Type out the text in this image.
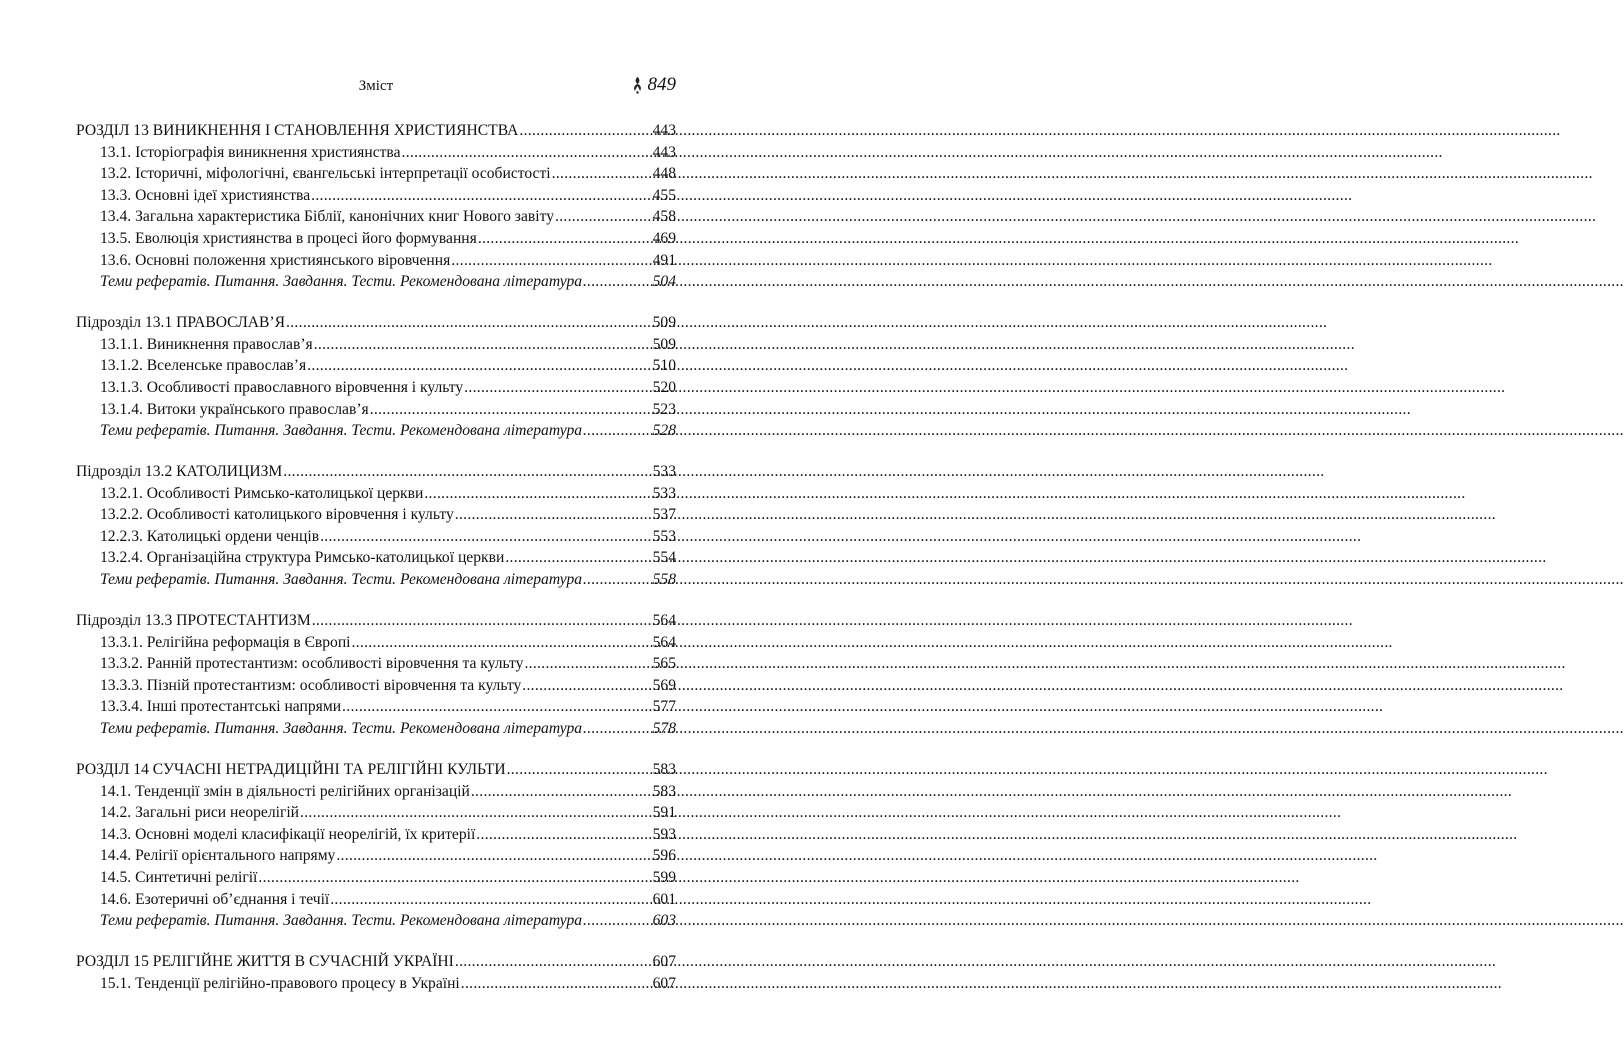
Зміст	849
РОЗДІЛ 13 ВИНИКНЕННЯ І СТАНОВЛЕННЯ ХРИСТИЯНСТВА .....	443
13.1. Історіографія виникнення християнства .....	443
13.2. Історичні, міфологічні, євангельські інтерпретації особистості .....	448
13.3. Основні ідеї християнства .....	455
13.4. Загальна характеристика Біблії, канонічних книг Нового завіту .....	458
13.5. Еволюція християнства в процесі його формування .....	469
13.6. Основні положення християнського віровчення .....	491
Теми рефератів. Питання. Завдання. Тести. Рекомендована література .....	504
Підрозділ 13.1 ПРАВОСЛАВ’Я .....	509
13.1.1. Виникнення православ’я .....	509
13.1.2. Вселенське православ’я .....	510
13.1.3. Особливості православного віровчення і культу .....	520
13.1.4. Витоки українського православ’я .....	523
Теми рефератів. Питання. Завдання. Тести. Рекомендована література .....	528
Підрозділ 13.2 КАТОЛИЦИЗМ .....	533
13.2.1. Особливості Римсько-католицької церкви .....	533
13.2.2. Особливості католицького віровчення і культу .....	537
12.2.3. Католицькі ордени ченців .....	553
13.2.4. Організаційна структура Римсько-католицької церкви .....	554
Теми рефератів. Питання. Завдання. Тести. Рекомендована література .....	558
Підрозділ 13.3 ПРОТЕСТАНТИЗМ .....	564
13.3.1. Релігійна реформація в Європі .....	564
13.3.2. Ранній протестантизм: особливості віровчення та культу .....	565
13.3.3. Пізній протестантизм: особливості віровчення та культу .....	569
13.3.4. Інші протестантські напрями .....	577
Теми рефератів. Питання. Завдання. Тести. Рекомендована література .....	578
РОЗДІЛ 14 СУЧАСНІ НЕТРАДИЦІЙНІ ТА РЕЛІГІЙНІ КУЛЬТИ .....	583
14.1. Тенденції змін в діяльності релігійних організацій .....	583
14.2. Загальні риси неорелігій .....	591
14.3. Основні моделі класифікації неорелігій, їх критерії .....	593
14.4. Релігії орієнтального напряму .....	596
14.5. Синтетичні релігії .....	599
14.6. Езотеричні об’єднання і течії .....	601
Теми рефератів. Питання. Завдання. Тести. Рекомендована література .....	603
РОЗДІЛ 15 РЕЛІГІЙНЕ ЖИТТЯ В СУЧАСНІЙ УКРАЇНІ .....	607
15.1. Тенденції релігійно-правового процесу в Україні .....	607
